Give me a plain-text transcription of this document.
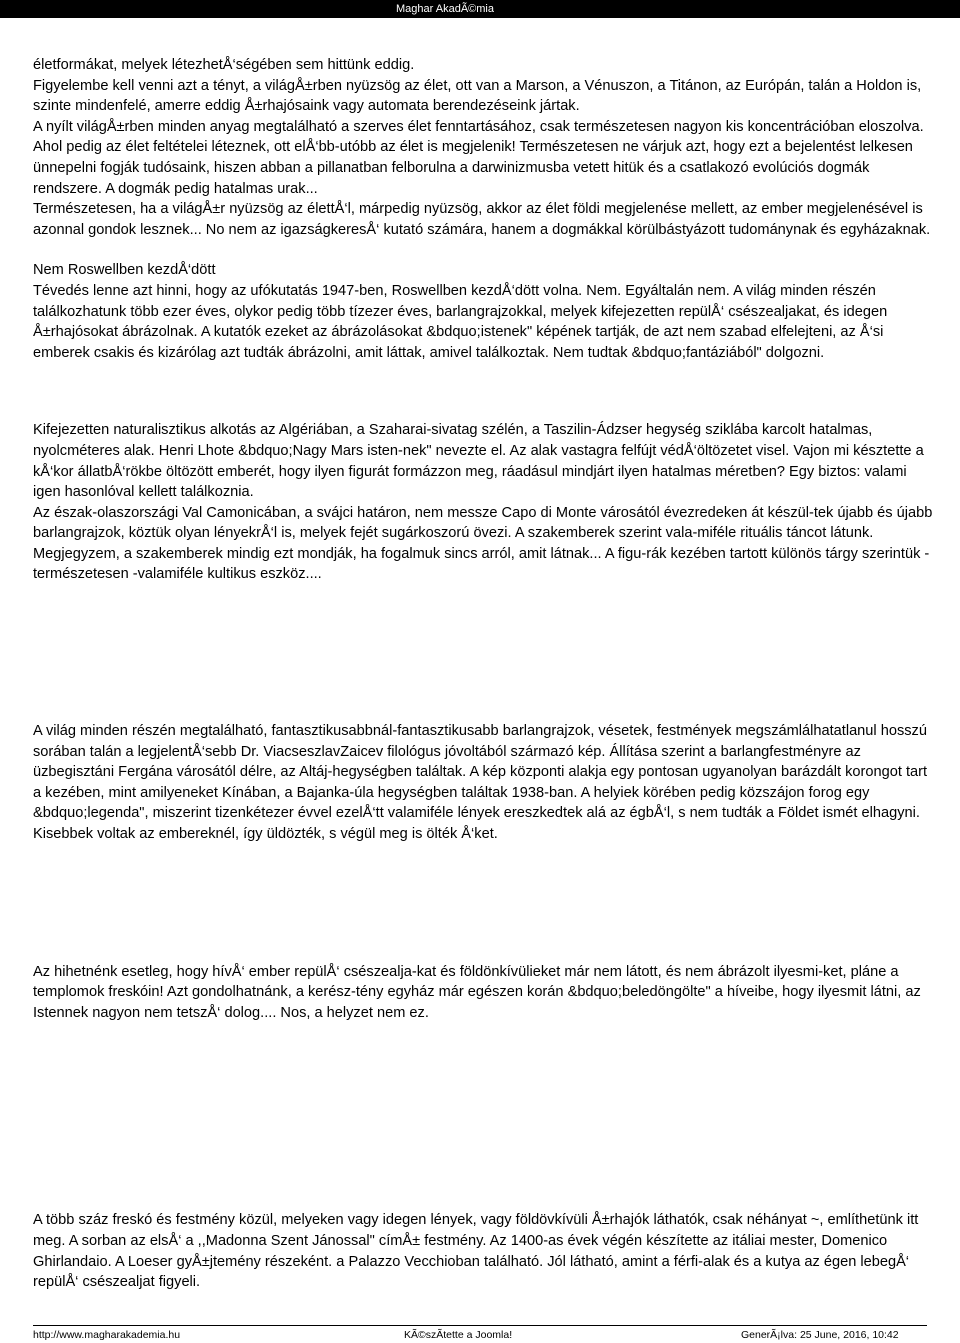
Maghar AkadÃ©mia

életformákat, melyek létezhetÅ‘ségében sem hittünk eddig.

Figyelembe kell venni azt a tényt, a világÅ±rben nyüzsög az élet, ott van a Marson, a Vénuszon, a Titánon, az Európán, talán a Holdon is, szinte mindenfelé, amerre eddig Å±rhajósaink vagy automata berendezéseink jártak.

A nyílt világÅ±rben minden anyag megtalálható a szerves élet fenntartásához, csak természetesen nagyon kis koncentrációban eloszolva.

Ahol pedig az élet feltételei léteznek, ott elÅ‘bb-utóbb az élet is megjelenik! Természetesen ne várjuk azt, hogy ezt a bejelentést lelkesen ünnepelni fogják tudósaink, hiszen abban a pillanatban felborulna a darwinizmusba vetett hitük és a csatlakozó evolúciós dogmák rendszere. A dogmák pedig hatalmas urak...

Természetesen, ha a világÅ±r nyüzsög az élettÅ‘l, márpedig nyüzsög, akkor az élet földi megjelenése mellett, az ember megjelenésével is azonnal gondok lesznek... No nem az igazságkeresÅ‘ kutató számára, hanem a dogmákkal körülbástyázott tudománynak és egyházaknak.

Nem Roswellben kezdÅ‘dött

Tévedés lenne azt hinni, hogy az ufókutatás 1947-ben, Roswellben kezdÅ‘dött volna. Nem. Egyáltalán nem. A világ minden részén találkozhatunk több ezer éves, olykor pedig több tízezer éves, barlangrajzokkal, melyek kifejezetten repülÅ‘ csészealjakat, és idegen Å±rhajósokat ábrázolnak. A kutatók ezeket az ábrázolásokat &bdquo;istenek" képének tartják, de azt nem szabad elfelejteni, az Å‘si emberek csakis és kizárólag azt tudták ábrázolni, amit láttak, amivel találkoztak. Nem tudtak &bdquo;fantáziából" dolgozni.

Kifejezetten naturalisztikus alkotás az Algériában, a Szaharai-sivatag szélén, a Taszilin-Ádzser hegység sziklába karcolt hatalmas, nyolcméteres alak. Henri Lhote &bdquo;Nagy Mars isten-nek" nevezte el. Az alak vastagra felfújt védÅ‘öltözetet visel. Vajon mi késztette a kÅ‘kor állatbÅ‘rökbe öltözött emberét, hogy ilyen figurát formázzon meg, ráadásul mindjárt ilyen hatalmas méretben? Egy biztos: valami igen hasonlóval kellett találkoznia.

Az észak-olaszországi Val Camonicában, a svájci határon, nem messze Capo di Monte városától évezredeken át készül-tek újabb és újabb barlangrajzok, köztük olyan lényekrÅ‘l is, melyek fejét sugárkoszorú övezi. A szakemberek szerint vala-miféle rituális táncot látunk. Megjegyzem, a szakemberek mindig ezt mondják, ha fogalmuk sincs arról, amit látnak... A figu-rák kezében tartott különös tárgy szerintük - természetesen -valamiféle kultikus eszköz....

A világ minden részén megtalálható, fantasztikusabbnál-fantasztikusabb barlangrajzok, vésetek, festmények megszámlálhatatlanul hosszú sorában talán a legjelentÅ‘sebb Dr. ViacseszlavZaicev filológus jóvoltából származó kép. Állítása szerint a barlangfestményre az üzbegisztáni Fergána városától délre, az Altáj-hegységben találtak. A kép központi alakja egy pontosan ugyanolyan barázdált korongot tart a kezében, mint amilyeneket Kínában, a Bajanka-úla hegységben találtak 1938-ban. A helyiek körében pedig közszájon forog egy &bdquo;legenda", miszerint tizenkétezer évvel ezelÅ‘tt valamiféle lények ereszkedtek alá az égbÅ‘l, s nem tudták a Földet ismét elhagyni. Kisebbek voltak az embereknél, így üldözték, s végül meg is ölték Å‘ket.

Az hihetnénk esetleg, hogy hívÅ‘ ember repülÅ‘ csészealja-kat és földönkívülieket már nem látott, és nem ábrázolt ilyesmi-ket, pláne a templomok freskóin! Azt gondolhatnánk, a kerész-tény egyház már egészen korán &bdquo;beledöngölte" a híveibe, hogy ilyesmit látni, az Istennek nagyon nem tetszÅ‘ dolog.... Nos, a helyzet nem ez.

A több száz freskó és festmény közül, melyeken vagy idegen lények, vagy földövkívüli Å±rhajók láthatók, csak néhányat ~, említhetünk itt meg. A sorban az elsÅ‘ a ,,Madonna Szent Jánossal" címÅ± festmény. Az 1400-as évek végén készítette az itáliai mester, Domenico Ghirlandaio. A Loeser gyÅ±jtemény részeként. a Palazzo Vecchioban található. Jól látható, amint a férfi-alak és a kutya az égen lebegÅ‘ repülÅ‘ csészealjat figyeli.

http://www.magharakademia.hu	KÃ©szÃtette a Joomla!	GenerÃ¡lva: 25 June, 2016, 10:42
